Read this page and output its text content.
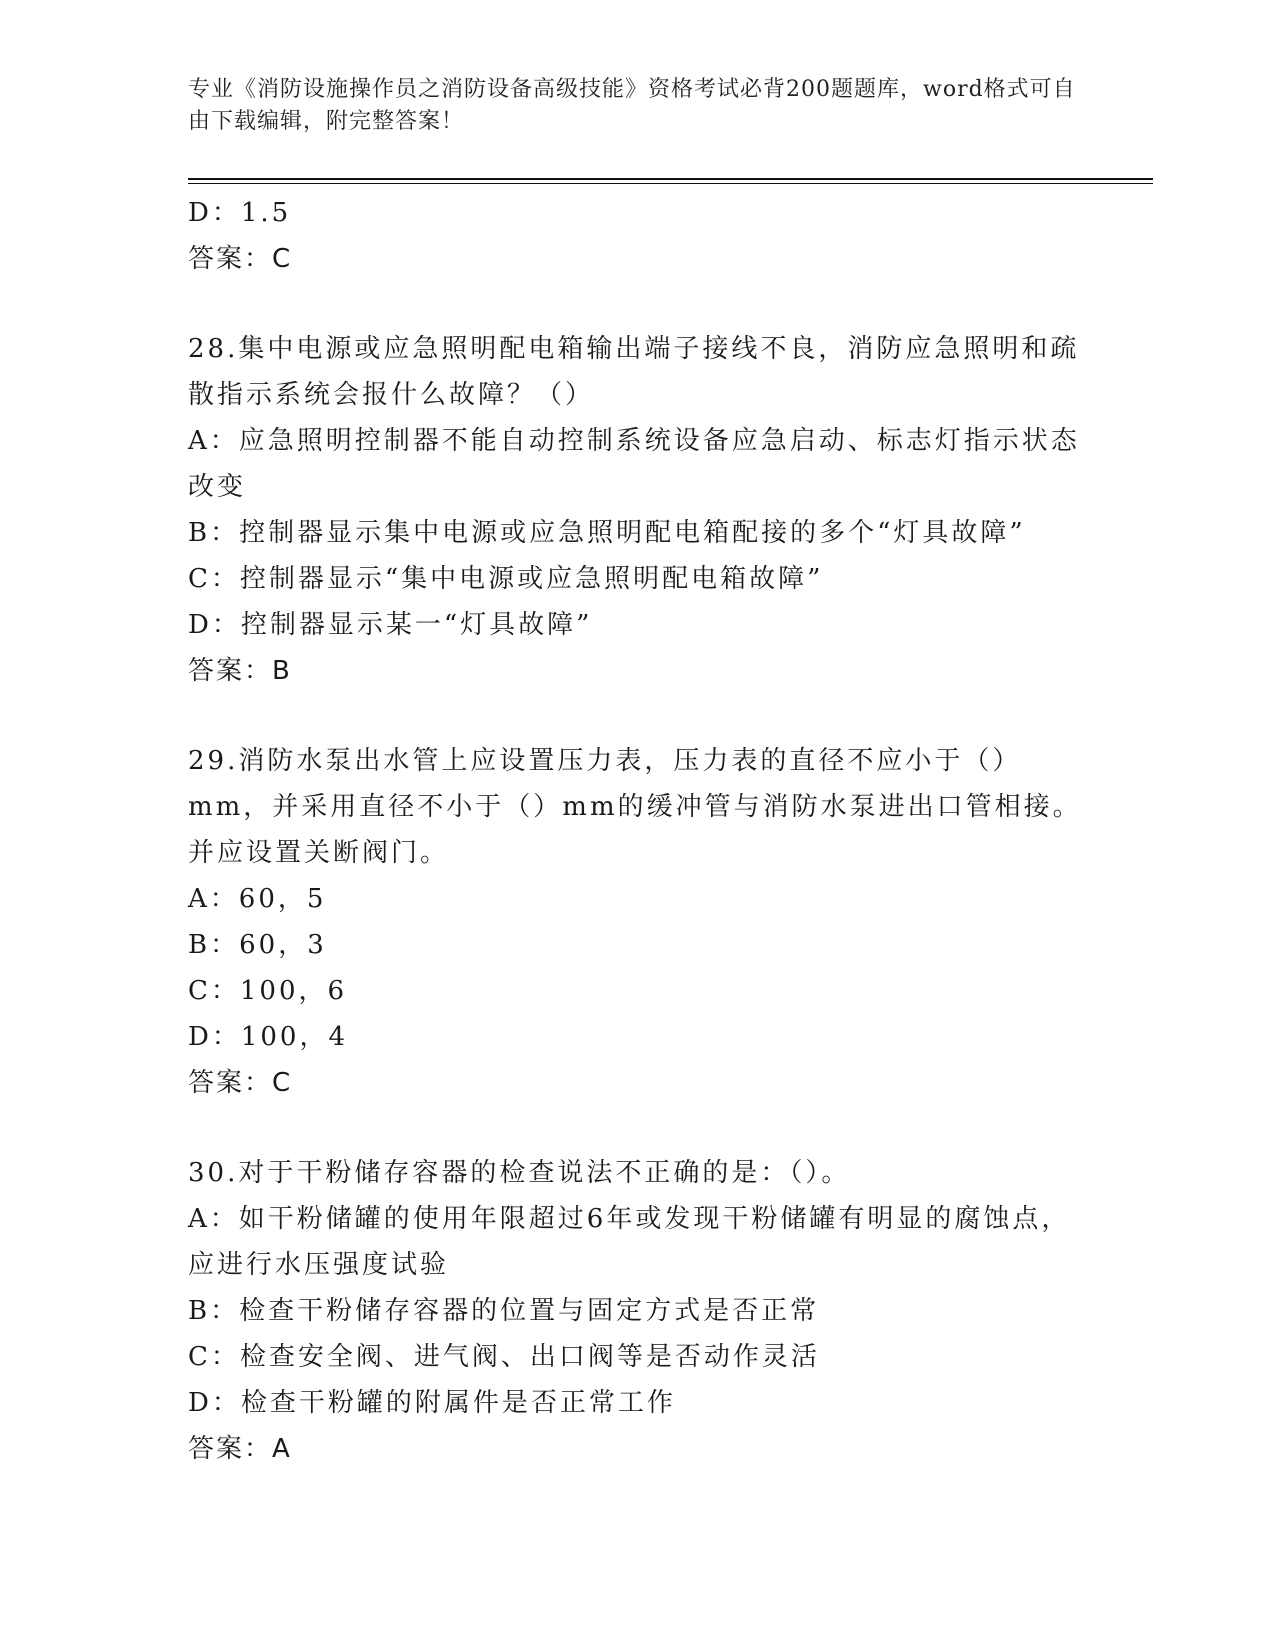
专业《消防设施操作员之消防设备高级技能》资格考试必背200题题库，word格式可自由下载编辑，附完整答案！

D：1.5

答案：C

28.集中电源或应急照明配电箱输出端子接线不良，消防应急照明和疏散指示系统会报什么故障？（）

A：应急照明控制器不能自动控制系统设备应急启动、标志灯指示状态改变

B：控制器显示集中电源或应急照明配电箱配接的多个“灯具故障”

C：控制器显示“集中电源或应急照明配电箱故障”

D：控制器显示某一“灯具故障”

答案：B

29.消防水泵出水管上应设置压力表，压力表的直径不应小于（）mm，并采用直径不小于（）mm的缓冲管与消防水泵进出口管相接。并应设置关断阀门。

A：60，5

B：60，3

C：100，6

D：100，4

答案：C

30.对于干粉储存容器的检查说法不正确的是：（）。

A：如干粉储罐的使用年限超过6年或发现干粉储罐有明显的腐蚀点，应进行水压强度试验

B：检查干粉储存容器的位置与固定方式是否正常

C：检查安全阀、进气阀、出口阀等是否动作灵活

D：检查干粉罐的附属件是否正常工作

答案：A
